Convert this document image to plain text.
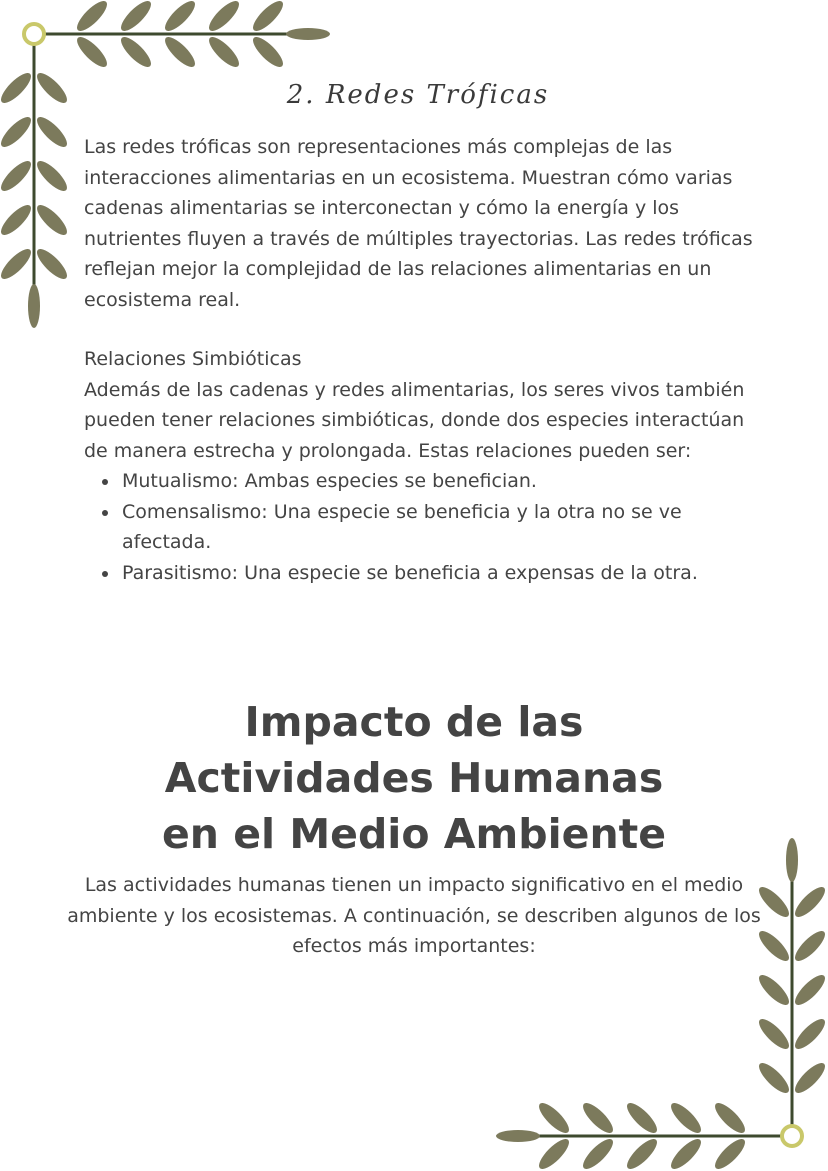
2. Redes Tróficas

Las redes tróficas son representaciones más complejas de las interacciones alimentarias en un ecosistema. Muestran cómo varias cadenas alimentarias se interconectan y cómo la energía y los nutrientes fluyen a través de múltiples trayectorias. Las redes tróficas reflejan mejor la complejidad de las relaciones alimentarias en un ecosistema real.

Relaciones Simbióticas

Además de las cadenas y redes alimentarias, los seres vivos también pueden tener relaciones simbióticas, donde dos especies interactúan de manera estrecha y prolongada. Estas relaciones pueden ser:

• Mutualismo: Ambas especies se benefician.
• Comensalismo: Una especie se beneficia y la otra no se ve afectada.
• Parasitismo: Una especie se beneficia a expensas de la otra.
Impacto de las
Actividades Humanas
en el Medio Ambiente

Las actividades humanas tienen un impacto significativo en el medio ambiente y los ecosistemas. A continuación, se describen algunos de los efectos más importantes:
